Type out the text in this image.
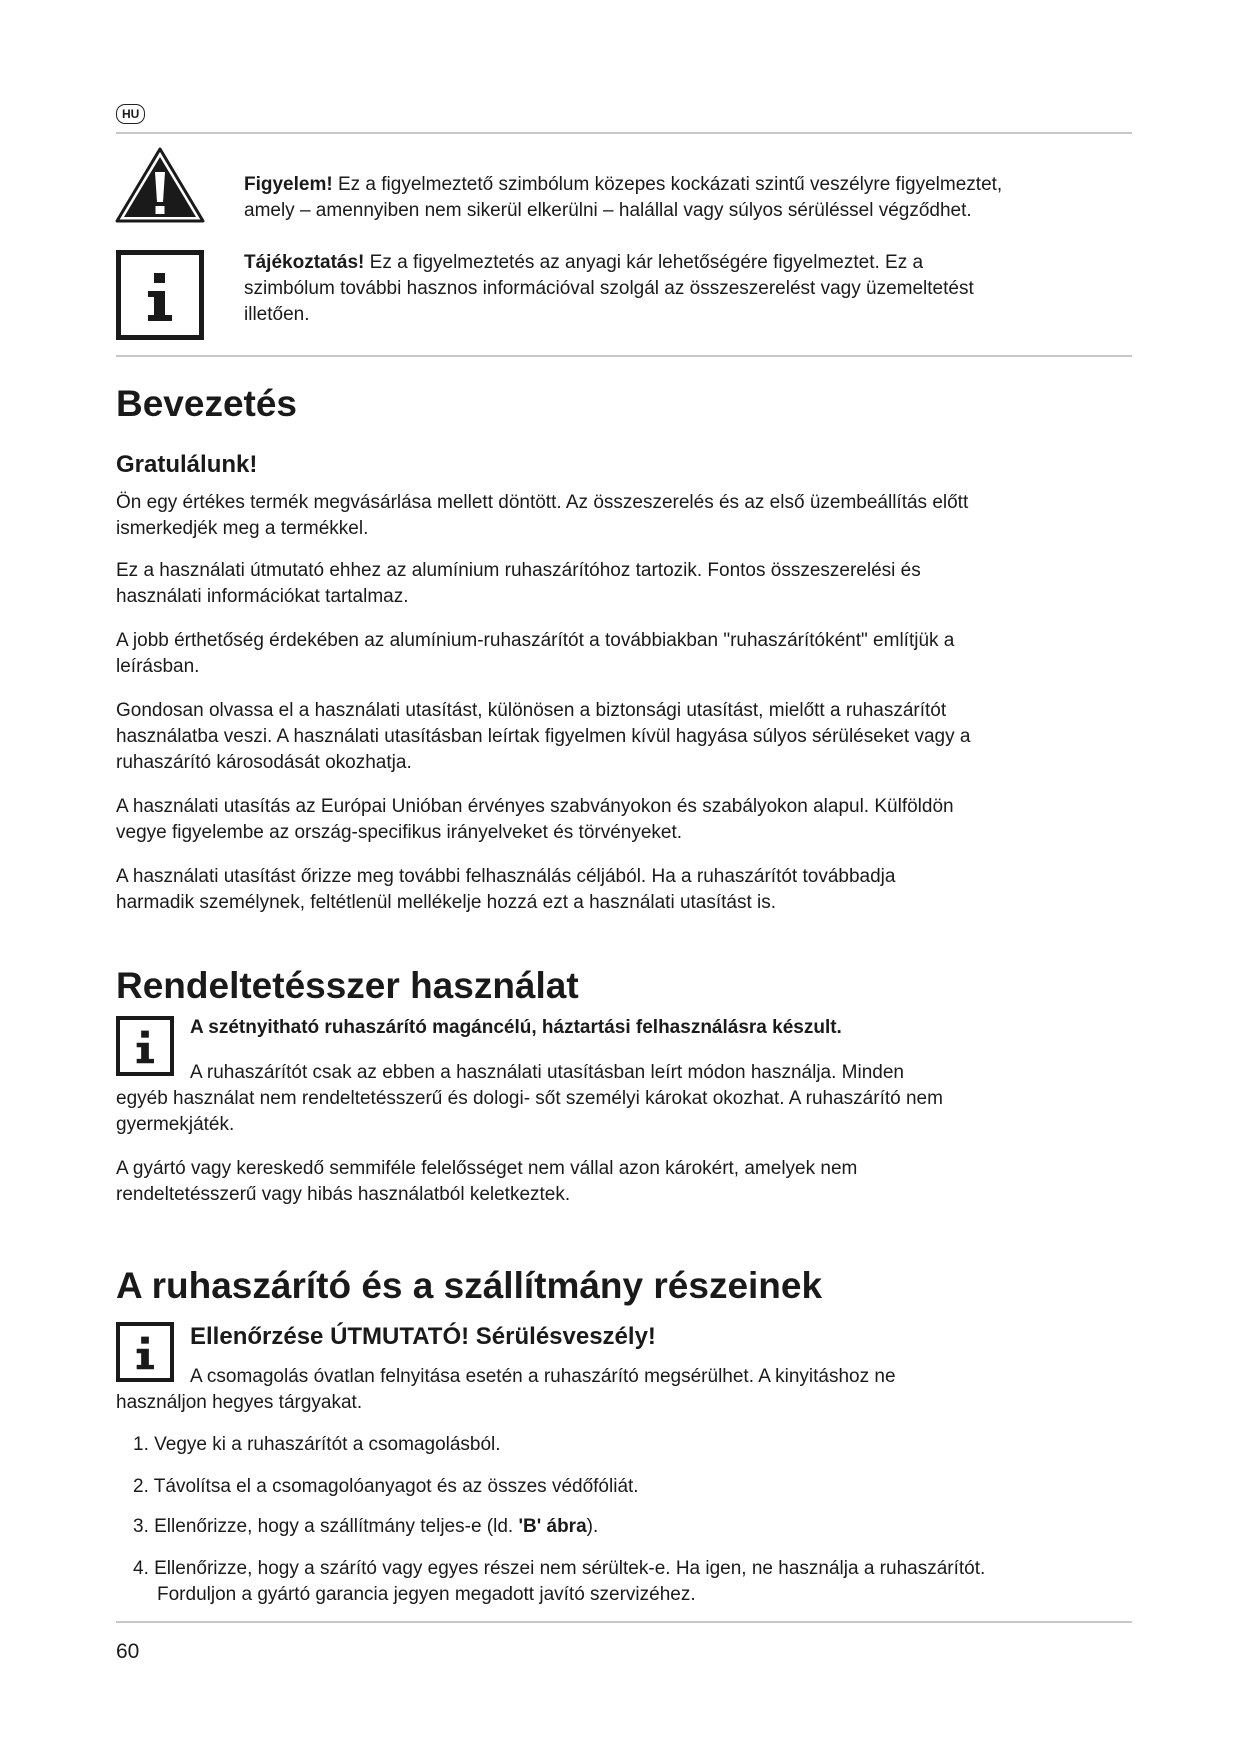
HU

Figyelem! Ez a figyelmeztető szimbólum közepes kockázati szintű veszélyre figyelmeztet,
amely – amennyiben nem sikerül elkerülni – halállal vagy súlyos sérüléssel végződhet.

Tájékoztatás! Ez a figyelmeztetés az anyagi kár lehetőségére figyelmeztet. Ez a
szimbólum további hasznos információval szolgál az összeszerelést vagy üzemeltetést
illetően.

Bevezetés
Gratulálunk!

Ön egy értékes termék megvásárlása mellett döntött. Az összeszerelés és az első üzembeállítás előtt
ismerkedjék meg a termékkel.

Ez a használati útmutató ehhez az alumínium ruhaszárítóhoz tartozik. Fontos összeszerelési és
használati információkat tartalmaz.

A jobb érthetőség érdekében az alumínium-ruhaszárítót a továbbiakban "ruhaszárítóként" említjük a
leírásban.

Gondosan olvassa el a használati utasítást, különösen a biztonsági utasítást, mielőtt a ruhaszárítót
használatba veszi. A használati utasításban leírtak figyelmen kívül hagyása súlyos sérüléseket vagy a
ruhaszárító károsodását okozhatja.

A használati utasítás az Európai Unióban érvényes szabványokon és szabályokon alapul. Külföldön
vegye figyelembe az ország-specifikus irányelveket és törvényeket.

A használati utasítást őrizze meg további felhasználás céljából. Ha a ruhaszárítót továbbadja
harmadik személynek, feltétlenül mellékelje hozzá ezt a használati utasítást is.

Rendeltetésszer használat

A szétnyitható ruhaszárító magáncélú, háztartási felhasználásra készult.

A ruhaszárítót csak az ebben a használati utasításban leírt módon használja. Minden
egyéb használat nem rendeltetésszerű és dologi- sőt személyi károkat okozhat. A ruhaszárító nem
gyermekjáték.

A gyártó vagy kereskedő semmiféle felelősséget nem vállal azon károkért, amelyek nem
rendeltetésszerű vagy hibás használatból keletkeztek.

A ruhaszárító és a szállítmány részeinek
Ellenőrzése ÚTMUTATÓ! Sérülésveszély!

A csomagolás óvatlan felnyitása esetén a ruhaszárító megsérülhet. A kinyitáshoz ne
használjon hegyes tárgyakat.

1. Vegye ki a ruhaszárítót a csomagolásból.

2. Távolítsa el a csomagolóanyagot és az összes védőfóliát.

3. Ellenőrizze, hogy a szállítmány teljes-e (ld. 'B' ábra).

4. Ellenőrizze, hogy a szárító vagy egyes részei nem sérültek-e. Ha igen, ne használja a ruhaszárítót.
Forduljon a gyártó garancia jegyen megadott javító szervizéhez.

60
